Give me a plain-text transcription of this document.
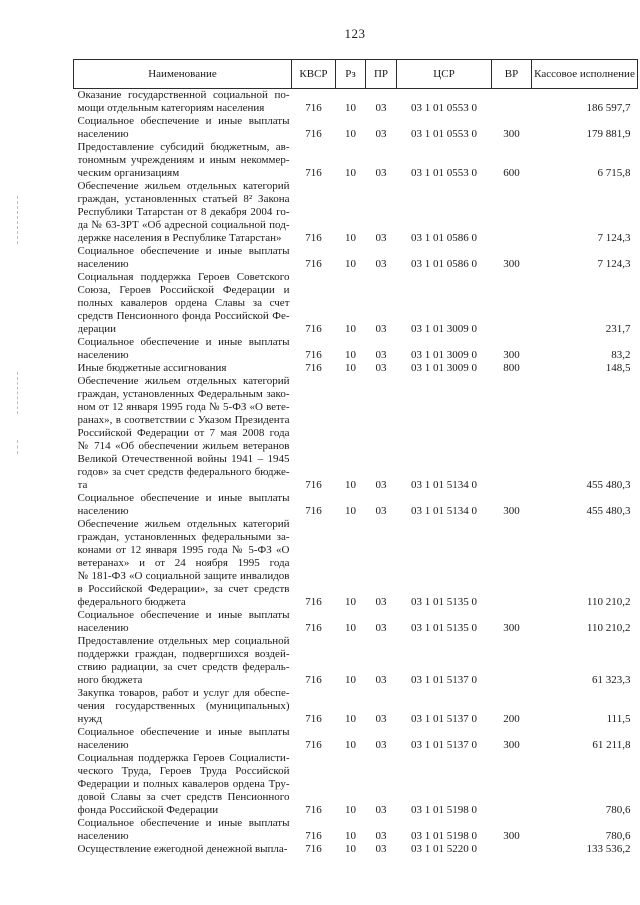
123
Наименование	КВСР	Рз	ПР	ЦСР	ВР	Кассовое исполнение

Оказание государственной социальной по-
мощи отдельным категориям населения	716	10	03	03 1 01 0553 0		186 597,7

Социальное обеспечение и иные выплаты
населению	716	10	03	03 1 01 0553 0	300	179 881,9

Предоставление субсидий бюджетным, ав-
тономным учреждениям и иным некоммер-
ческим организациям	716	10	03	03 1 01 0553 0	600	6 715,8

Обеспечение жильем отдельных категорий
граждан, установленных статьей 8² Закона
Республики Татарстан от 8 декабря 2004 го-
да № 63-ЗРТ «Об адресной социальной под-
держке населения в Республике Татарстан»	716	10	03	03 1 01 0586 0		7 124,3

Социальное обеспечение и иные выплаты
населению	716	10	03	03 1 01 0586 0	300	7 124,3

Социальная поддержка Героев Советского
Союза, Героев Российской Федерации и
полных кавалеров ордена Славы за счет
средств Пенсионного фонда Российской Фе-
дерации	716	10	03	03 1 01 3009 0		231,7

Социальное обеспечение и иные выплаты
населению	716	10	03	03 1 01 3009 0	300	83,2

Иные бюджетные ассигнования	716	10	03	03 1 01 3009 0	800	148,5

Обеспечение жильем отдельных категорий
граждан, установленных Федеральным зако-
ном от 12 января 1995 года № 5-ФЗ «О вете-
ранах», в соответствии с Указом Президента
Российской Федерации от 7 мая 2008 года
№ 714 «Об обеспечении жильем ветеранов
Великой Отечественной войны 1941 – 1945
годов» за счет средств федерального бюдже-
та	716	10	03	03 1 01 5134 0		455 480,3

Социальное обеспечение и иные выплаты
населению	716	10	03	03 1 01 5134 0	300	455 480,3

Обеспечение жильем отдельных категорий
граждан, установленных федеральными за-
конами от 12 января 1995 года № 5-ФЗ «О
ветеранах» и от 24 ноября 1995 года
№ 181-ФЗ «О социальной защите инвалидов
в Российской Федерации», за счет средств
федерального бюджета	716	10	03	03 1 01 5135 0		110 210,2

Социальное обеспечение и иные выплаты
населению	716	10	03	03 1 01 5135 0	300	110 210,2

Предоставление отдельных мер социальной
поддержки граждан, подвергшихся воздей-
ствию радиации, за счет средств федераль-
ного бюджета	716	10	03	03 1 01 5137 0		61 323,3

Закупка товаров, работ и услуг для обеспе-
чения государственных (муниципальных)
нужд	716	10	03	03 1 01 5137 0	200	111,5

Социальное обеспечение и иные выплаты
населению	716	10	03	03 1 01 5137 0	300	61 211,8

Социальная поддержка Героев Социалисти-
ческого Труда, Героев Труда Российской
Федерации и полных кавалеров ордена Тру-
довой Славы за счет средств Пенсионного
фонда Российской Федерации	716	10	03	03 1 01 5198 0		780,6

Социальное обеспечение и иные выплаты
населению	716	10	03	03 1 01 5198 0	300	780,6

Осуществление ежегодной денежной выпла-	716	10	03	03 1 01 5220 0		133 536,2
